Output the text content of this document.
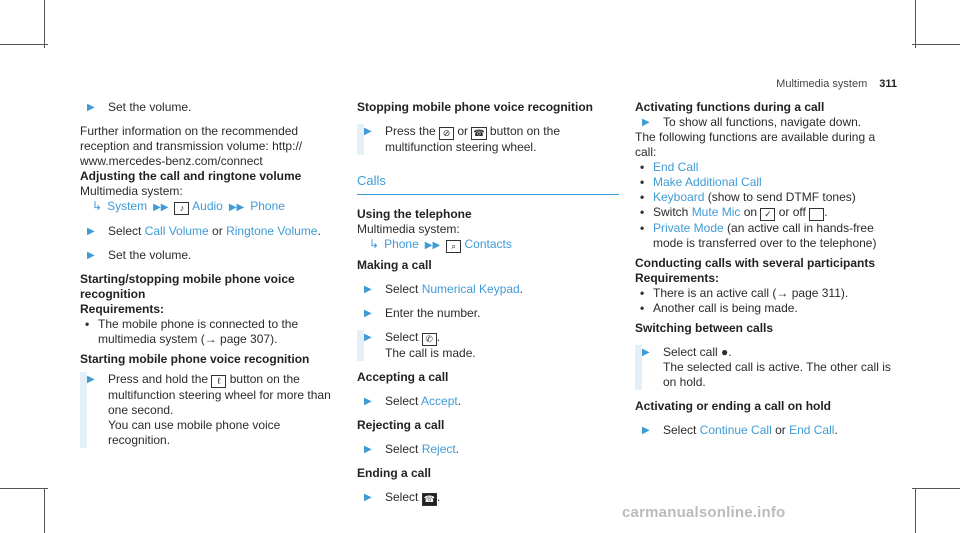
Multimedia system 311
▶ Set the volume.

Further information on the recommended reception and transmission volume: http://
www.mercedes-benz.com/connect

Adjusting the call and ringtone volume

Multimedia system:

↳ System ▶▶ ♪ Audio ▶▶ Phone

▶ Select Call Volume or Ringtone Volume.
▶ Set the volume.

Starting/stopping mobile phone voice recognition

Requirements:

• The mobile phone is connected to the multimedia system (→ page 307).

Starting mobile phone voice recognition

▶ Press and hold the ℓ button on the multifunction steering wheel for more than one second.
You can use mobile phone voice recognition.

Stopping mobile phone voice recognition

▶ Press the ⊘ or ☎ button on the multifunction steering wheel.
Calls

Using the telephone

Multimedia system:

↳ Phone ▶▶ ⌕ Contacts

Making a call

▶ Select Numerical Keypad.
▶ Enter the number.
▶ Select ✆ .
The call is made.

Accepting a call

▶ Select Accept.

Rejecting a call

▶ Select Reject.

Ending a call

▶ Select ☎ .

Activating functions during a call

▶ To show all functions, navigate down.

The following functions are available during a call:

• End Call
• Make Additional Call
• Keyboard (show to send DTMF tones)
• Switch Mute Mic on ✓ or off  .
• Private Mode (an active call in hands-free mode is transferred over to the telephone)

Conducting calls with several participants

Requirements:

• There is an active call (→ page 311).
• Another call is being made.

Switching between calls

▶ Select call ●.
The selected call is active. The other call is on hold.

Activating or ending a call on hold

▶ Select Continue Call or End Call.
carmanualsonline.info
